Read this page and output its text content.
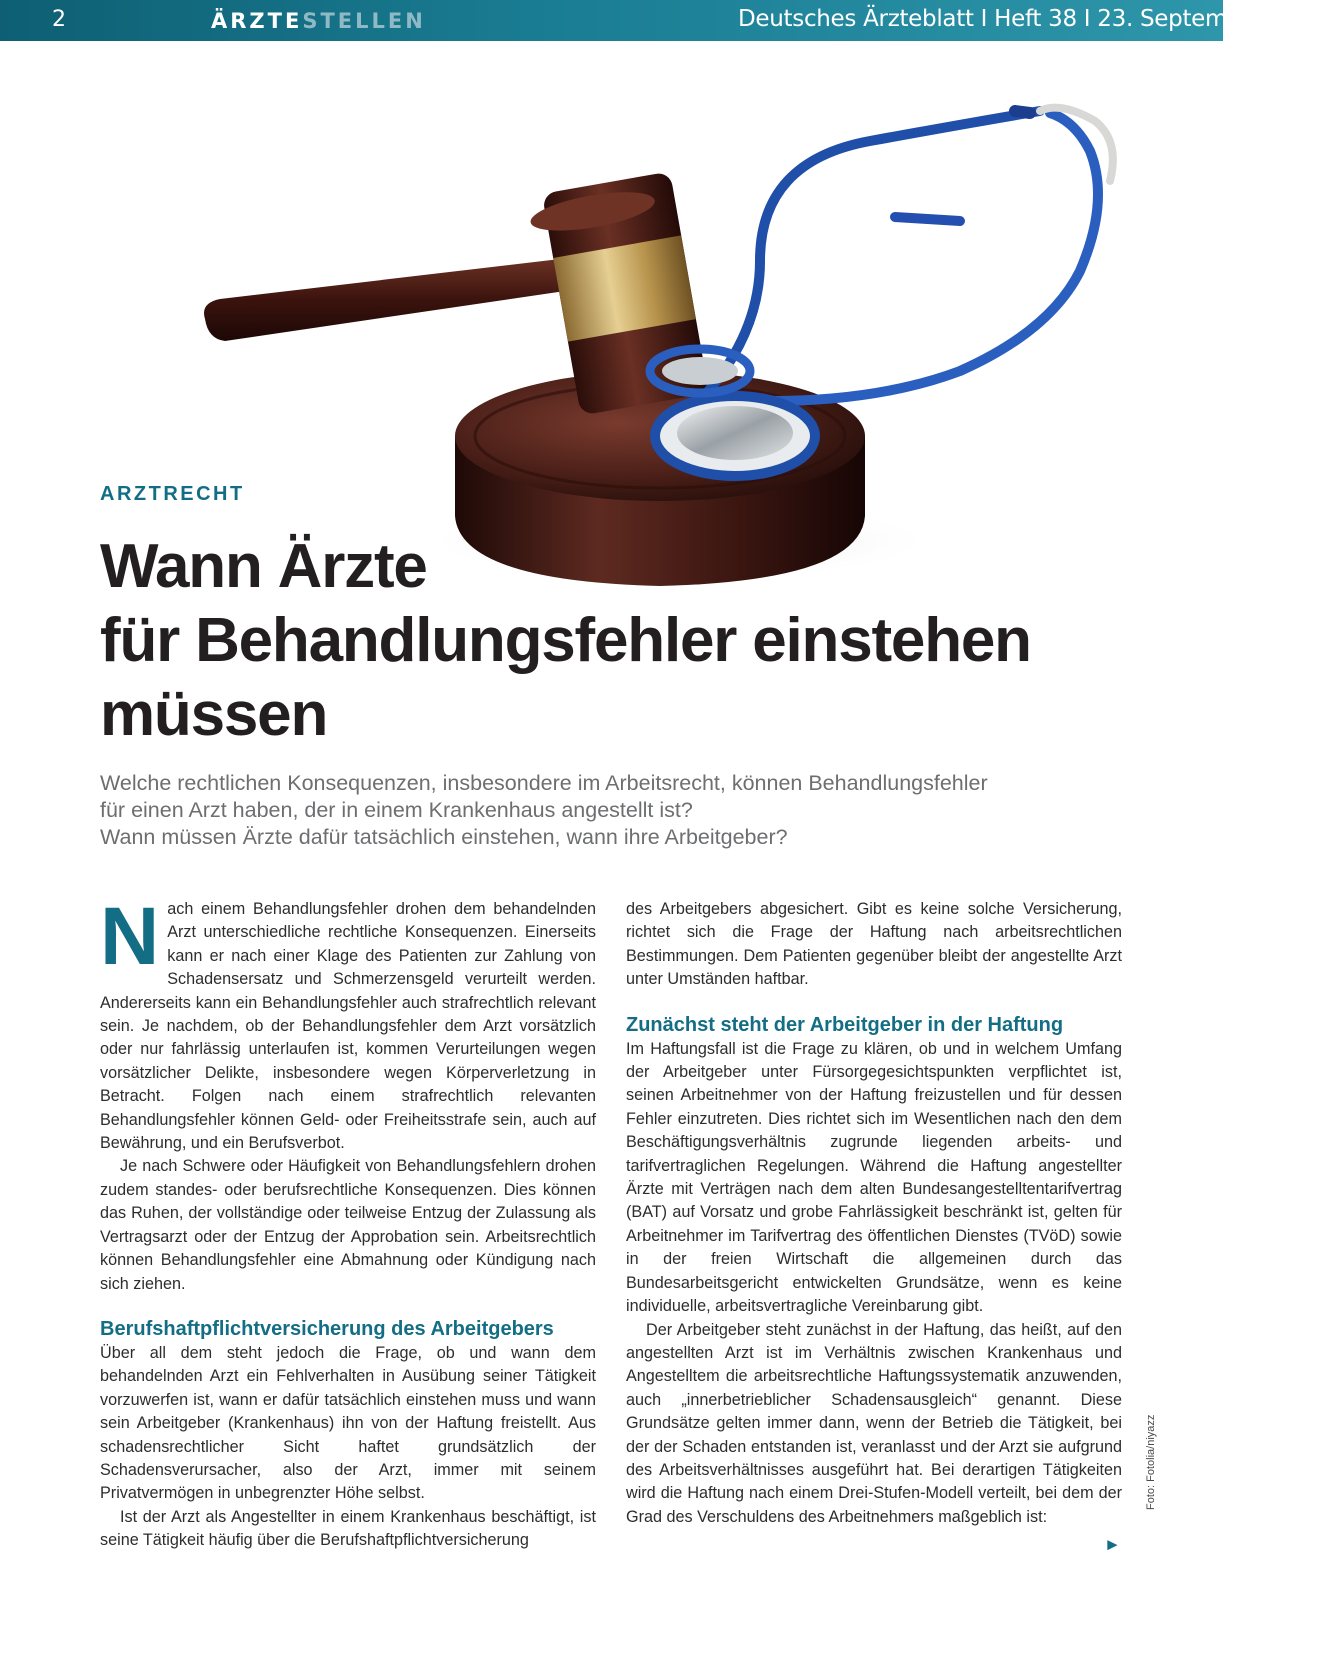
2	ÄRZTESTELLEN	Deutsches Ärzteblatt I Heft 38 I 23. September 2016
ARZTRECHT
Wann Ärzte
für Behandlungsfehler einstehen
müssen
Welche rechtlichen Konsequenzen, insbesondere im Arbeitsrecht, können Behandlungsfehler
für einen Arzt haben, der in einem Krankenhaus angestellt ist?
Wann müssen Ärzte dafür tatsächlich einstehen, wann ihre Arbeitgeber?

Nach einem Behandlungsfehler drohen dem behandelnden Arzt unterschiedliche rechtliche Konsequenzen. Einerseits kann er nach einer Klage des Patienten zur Zahlung von Schadensersatz und Schmerzensgeld verurteilt werden. Andererseits kann ein Behandlungsfehler auch strafrechtlich relevant sein. Je nachdem, ob der Behandlungsfehler dem Arzt vorsätzlich oder nur fahrlässig unterlaufen ist, kommen Verurteilungen wegen vorsätzlicher Delikte, insbesondere wegen Körperverletzung in Betracht. Folgen nach einem strafrechtlich relevanten Behandlungsfehler können Geld- oder Freiheitsstrafe sein, auch auf Bewährung, und ein Berufsverbot.

Je nach Schwere oder Häufigkeit von Behandlungsfehlern drohen zudem standes- oder berufsrechtliche Konsequenzen. Dies können das Ruhen, der vollständige oder teilweise Entzug der Zulassung als Vertragsarzt oder der Entzug der Approbation sein. Arbeitsrechtlich können Behandlungsfehler eine Abmahnung oder Kündigung nach sich ziehen.

Berufshaftpflichtversicherung des Arbeitgebers

Über all dem steht jedoch die Frage, ob und wann dem behandelnden Arzt ein Fehlverhalten in Ausübung seiner Tätigkeit vorzuwerfen ist, wann er dafür tatsächlich einstehen muss und wann sein Arbeitgeber (Krankenhaus) ihn von der Haftung freistellt. Aus schadensrechtlicher Sicht haftet grundsätzlich der Schadensverursacher, also der Arzt, immer mit seinem Privatvermögen in unbegrenzter Höhe selbst.

Ist der Arzt als Angestellter in einem Krankenhaus beschäftigt, ist seine Tätigkeit häufig über die Berufshaftpflichtversicherung

des Arbeitgebers abgesichert. Gibt es keine solche Versicherung, richtet sich die Frage der Haftung nach arbeitsrechtlichen Bestimmungen. Dem Patienten gegenüber bleibt der angestellte Arzt unter Umständen haftbar.

Zunächst steht der Arbeitgeber in der Haftung

Im Haftungsfall ist die Frage zu klären, ob und in welchem Umfang der Arbeitgeber unter Fürsorgegesichtspunkten verpflichtet ist, seinen Arbeitnehmer von der Haftung freizustellen und für dessen Fehler einzutreten. Dies richtet sich im Wesentlichen nach den dem Beschäftigungsverhältnis zugrunde liegenden arbeits- und tarifvertraglichen Regelungen. Während die Haftung angestellter Ärzte mit Verträgen nach dem alten Bundesangestelltentarifvertrag (BAT) auf Vorsatz und grobe Fahrlässigkeit beschränkt ist, gelten für Arbeitnehmer im Tarifvertrag des öffentlichen Dienstes (TVöD) sowie in der freien Wirtschaft die allgemeinen durch das Bundesarbeitsgericht entwickelten Grundsätze, wenn es keine individuelle, arbeitsvertragliche Vereinbarung gibt.

Der Arbeitgeber steht zunächst in der Haftung, das heißt, auf den angestellten Arzt ist im Verhältnis zwischen Krankenhaus und Angestelltem die arbeitsrechtliche Haftungssystematik anzuwenden, auch „innerbetrieblicher Schadensausgleich“ genannt. Diese Grundsätze gelten immer dann, wenn der Betrieb die Tätigkeit, bei der der Schaden entstanden ist, veranlasst und der Arzt sie aufgrund des Arbeitsverhältnisses ausgeführt hat. Bei derartigen Tätigkeiten wird die Haftung nach einem Drei-Stufen-Modell verteilt, bei dem der Grad des Verschuldens des Arbeitnehmers maßgeblich ist:

►
Foto: Fotolia/niyazz
